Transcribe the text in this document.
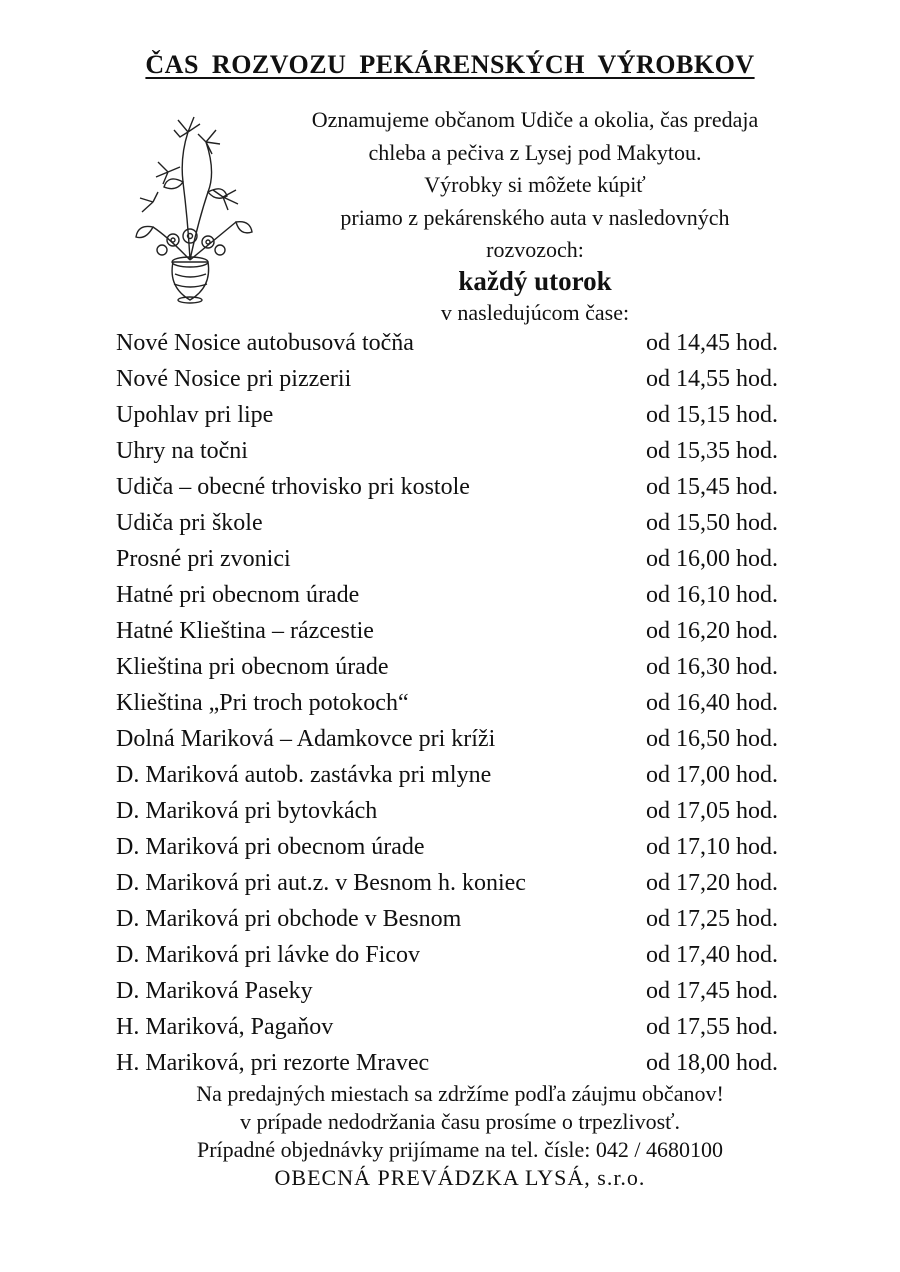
ČAS ROZVOZU PEKÁRENSKÝCH VÝROBKOV
Oznamujeme občanom Udiče a okolia, čas predaja
chleba a pečiva z Lysej pod Makytou.
Výrobky si môžete kúpiť
priamo z pekárenského auta v nasledovných
rozvozoch:
každý utorok
v nasledujúcom čase:
Nové Nosice autobusová točňa	od 14,45 hod.
Nové Nosice pri pizzerii	od 14,55 hod.
Upohlav pri lipe	od 15,15 hod.
Uhry na točni	od 15,35 hod.
Udiča – obecné trhovisko pri kostole	od 15,45 hod.
Udiča pri škole	od 15,50 hod.
Prosné pri zvonici	od 16,00 hod.
Hatné pri obecnom úrade	od 16,10 hod.
Hatné Klieština – rázcestie	od 16,20 hod.
Klieština pri obecnom úrade	od 16,30 hod.
Klieština „Pri troch potokoch“	od 16,40 hod.
Dolná Mariková – Adamkovce pri kríži	od 16,50 hod.
D. Mariková autob. zastávka pri mlyne	od 17,00 hod.
D. Mariková pri bytovkách	od 17,05 hod.
D. Mariková pri obecnom úrade	od 17,10 hod.
D. Mariková pri aut.z. v Besnom h. koniec	od 17,20 hod.
D. Mariková pri obchode v Besnom	od 17,25 hod.
D. Mariková pri lávke do Ficov	od 17,40 hod.
D. Mariková Paseky	od 17,45 hod.
H. Mariková, Pagaňov	od 17,55 hod.
H. Mariková, pri rezorte Mravec	od 18,00 hod.
Na predajných miestach sa zdržíme podľa záujmu občanov!
v prípade nedodržania času prosíme o trpezlivosť.
Prípadné objednávky prijímame na tel. čísle: 042 / 4680100
OBECNÁ PREVÁDZKA LYSÁ, s.r.o.
